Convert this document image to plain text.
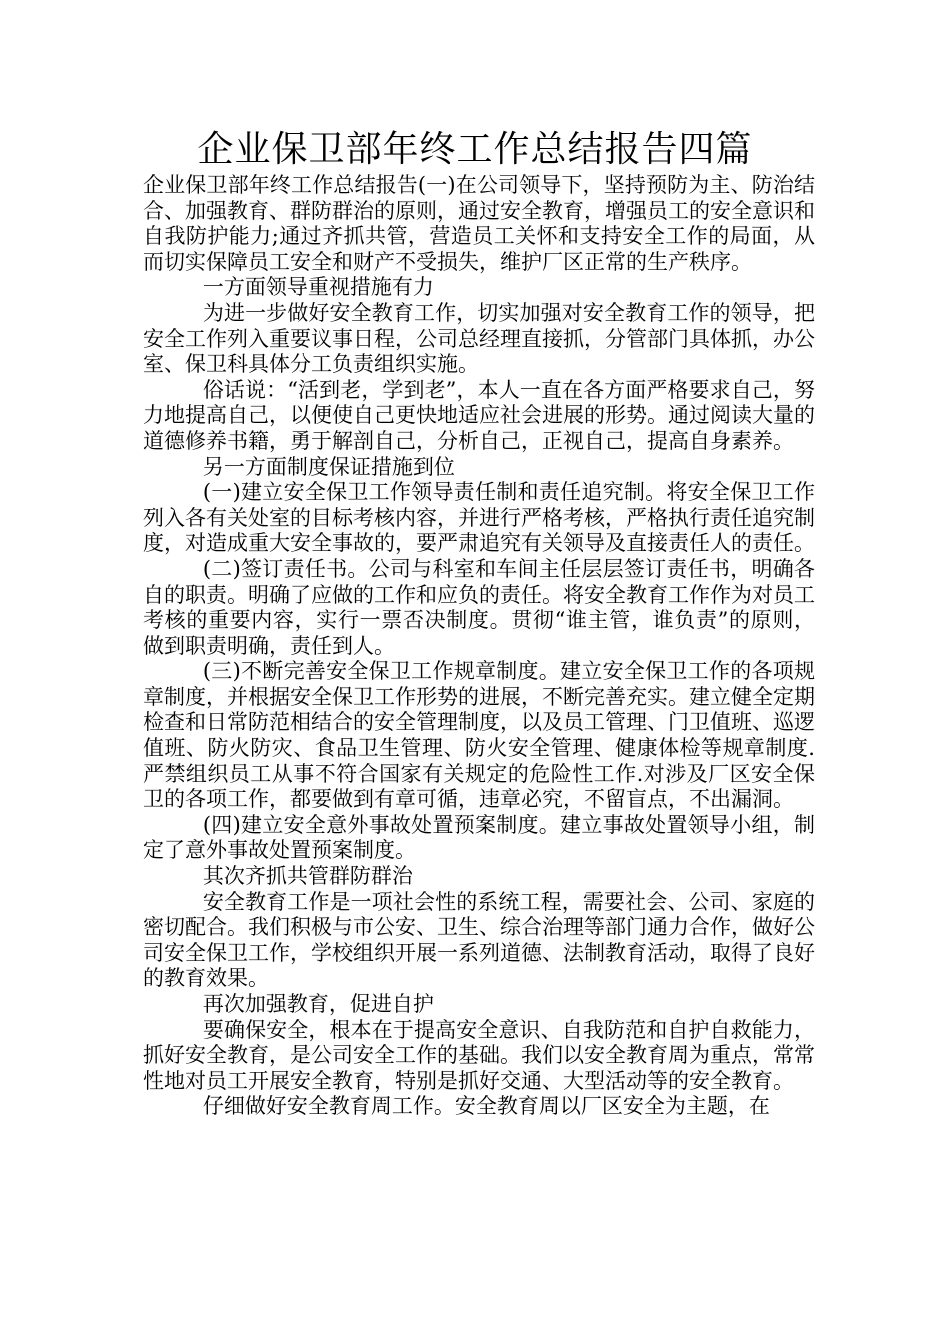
企业保卫部年终工作总结报告四篇

企业保卫部年终工作总结报告(一)在公司领导下，坚持预防为主、防治结合、加强教育、群防群治的原则，通过安全教育，增强员工的安全意识和自我防护能力;通过齐抓共管，营造员工关怀和支持安全工作的局面，从而切实保障员工安全和财产不受损失，维护厂区正常的生产秩序。

一方面领导重视措施有力

为进一步做好安全教育工作，切实加强对安全教育工作的领导，把安全工作列入重要议事日程，公司总经理直接抓，分管部门具体抓，办公室、保卫科具体分工负责组织实施。

俗话说：“活到老，学到老”，本人一直在各方面严格要求自己，努力地提高自己，以便使自己更快地适应社会进展的形势。通过阅读大量的道德修养书籍，勇于解剖自己，分析自己，正视自己，提高自身素养。

另一方面制度保证措施到位

(一)建立安全保卫工作领导责任制和责任追究制。将安全保卫工作列入各有关处室的目标考核内容，并进行严格考核，严格执行责任追究制度，对造成重大安全事故的，要严肃追究有关领导及直接责任人的责任。

(二)签订责任书。公司与科室和车间主任层层签订责任书，明确各自的职责。明确了应做的工作和应负的责任。将安全教育工作作为对员工考核的重要内容，实行一票否决制度。贯彻“谁主管，谁负责”的原则，做到职责明确，责任到人。

(三)不断完善安全保卫工作规章制度。建立安全保卫工作的各项规章制度，并根据安全保卫工作形势的进展，不断完善充实。建立健全定期检查和日常防范相结合的安全管理制度，以及员工管理、门卫值班、巡逻值班、防火防灾、食品卫生管理、防火安全管理、健康体检等规章制度.严禁组织员工从事不符合国家有关规定的危险性工作.对涉及厂区安全保卫的各项工作，都要做到有章可循，违章必究，不留盲点，不出漏洞。

(四)建立安全意外事故处置预案制度。建立事故处置领导小组，制定了意外事故处置预案制度。

其次齐抓共管群防群治

安全教育工作是一项社会性的系统工程，需要社会、公司、家庭的密切配合。我们积极与市公安、卫生、综合治理等部门通力合作，做好公司安全保卫工作，学校组织开展一系列道德、法制教育活动，取得了良好的教育效果。

再次加强教育，促进自护

要确保安全，根本在于提高安全意识、自我防范和自护自救能力，抓好安全教育，是公司安全工作的基础。我们以安全教育周为重点，常常性地对员工开展安全教育，特别是抓好交通、大型活动等的安全教育。

仔细做好安全教育周工作。安全教育周以厂区安全为主题，在
